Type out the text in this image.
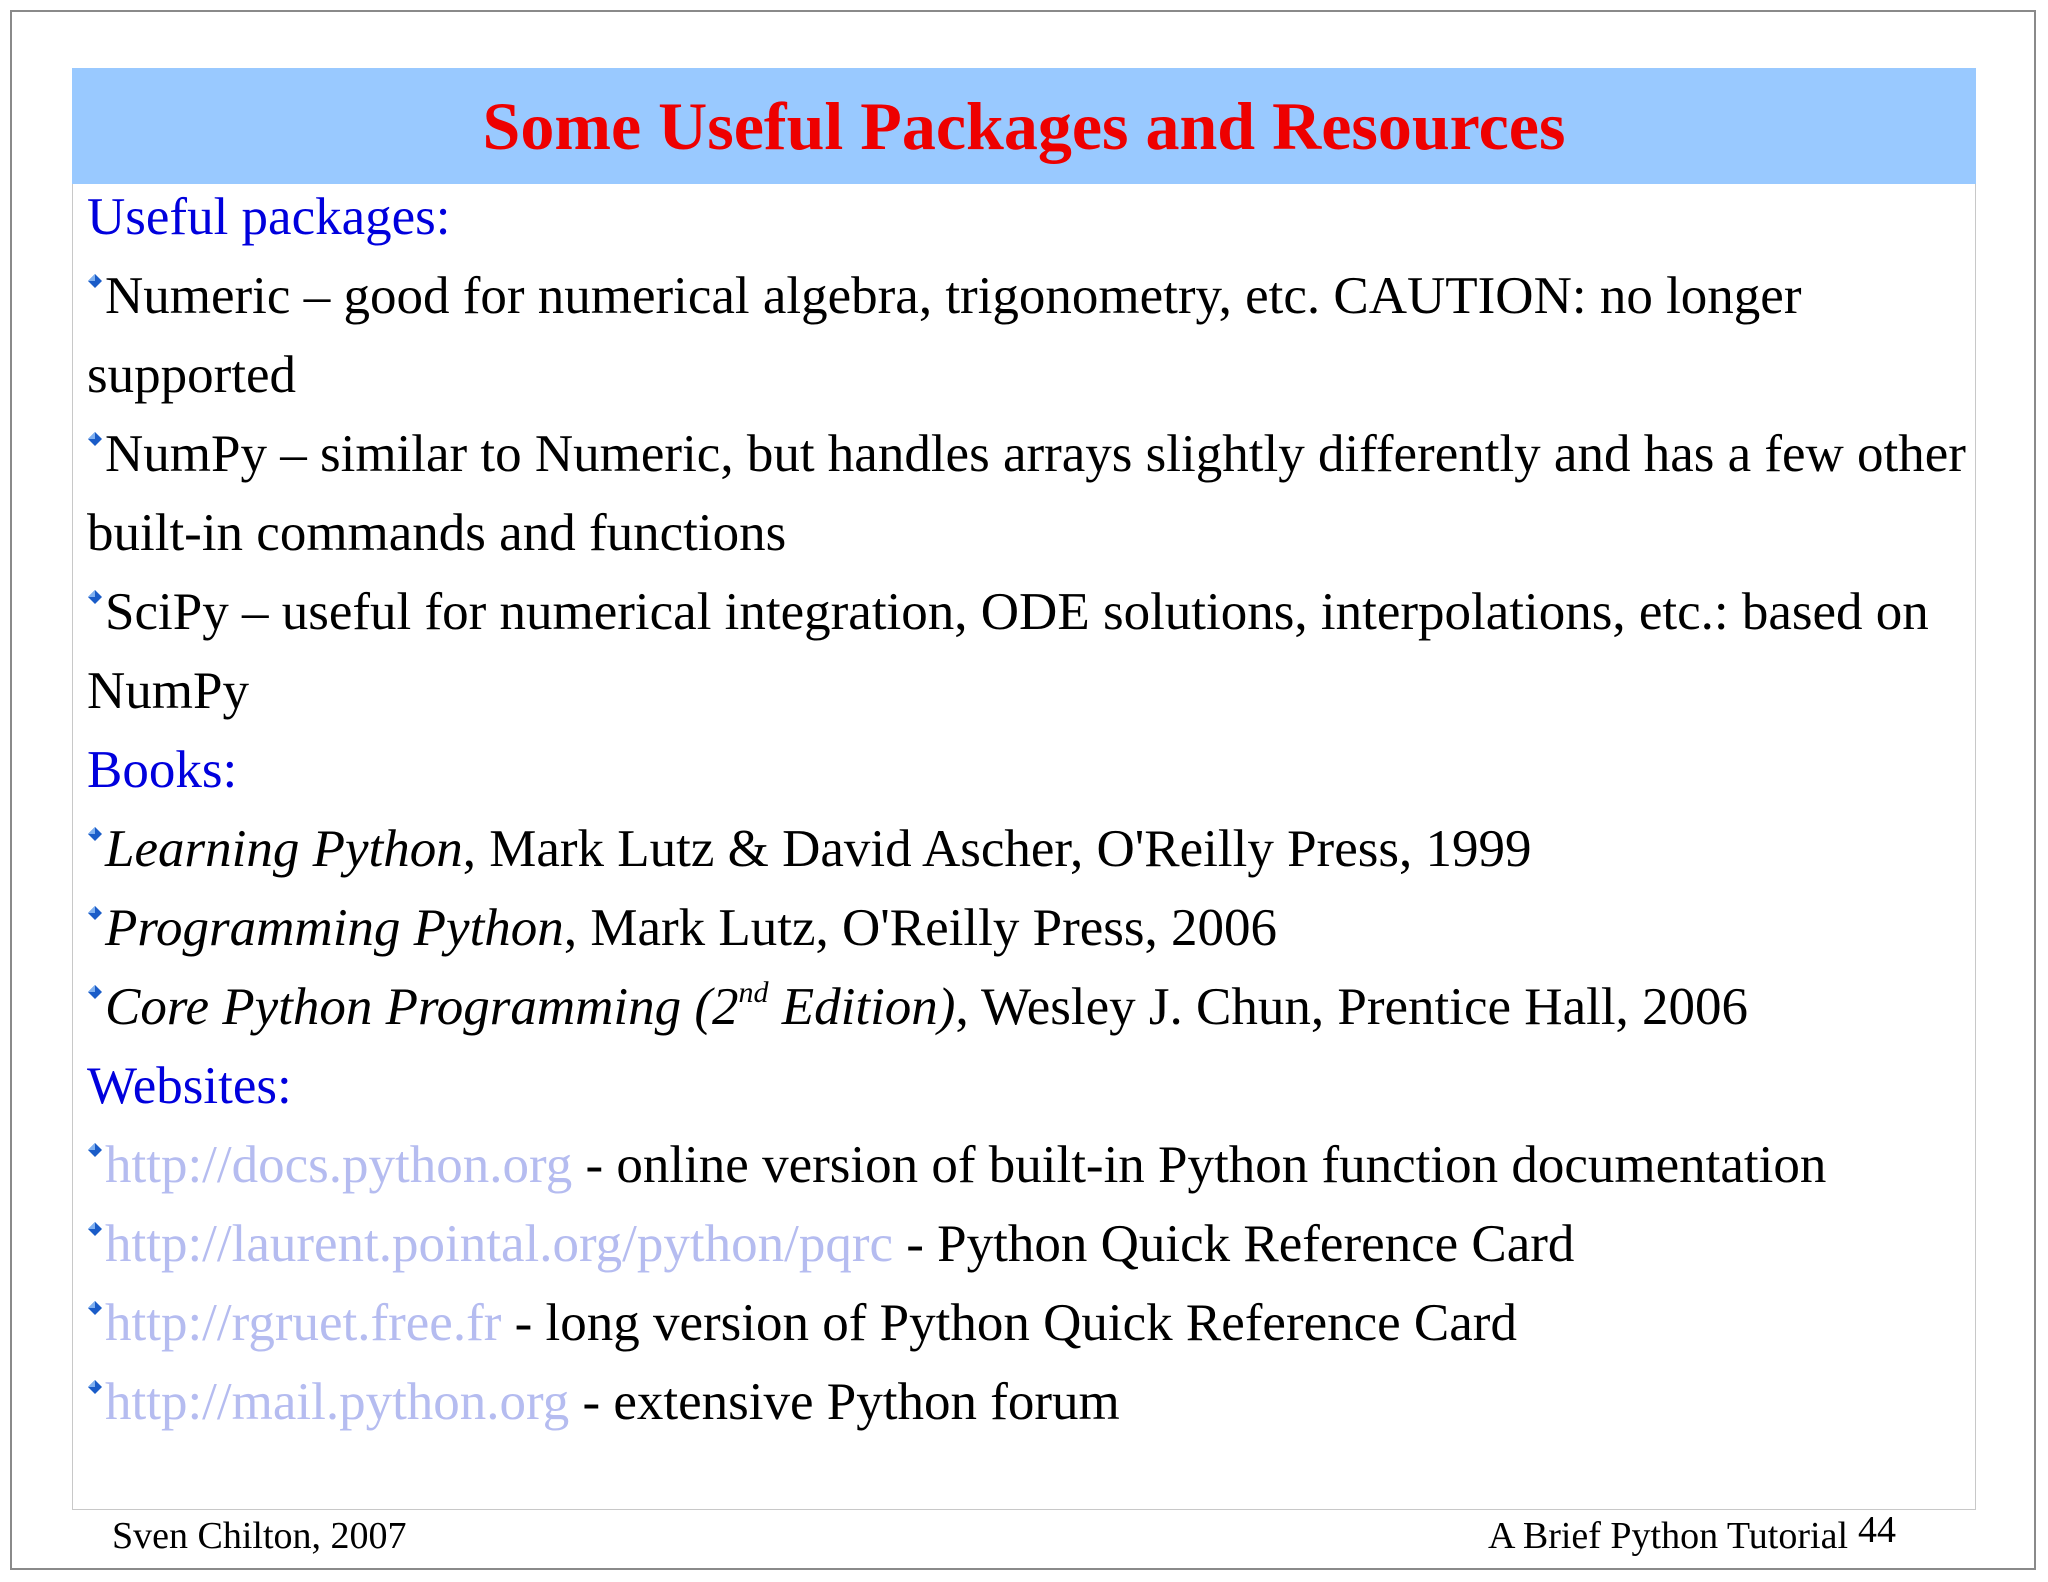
Some Useful Packages and Resources
Useful packages:
Numeric – good for numerical algebra, trigonometry, etc. CAUTION: no longer supported
NumPy – similar to Numeric, but handles arrays slightly differently and has a few other built-in commands and functions
SciPy – useful for numerical integration, ODE solutions, interpolations, etc.: based on NumPy
Books:
Learning Python, Mark Lutz & David Ascher, O'Reilly Press, 1999
Programming Python, Mark Lutz, O'Reilly Press, 2006
Core Python Programming (2nd Edition), Wesley J. Chun, Prentice Hall, 2006
Websites:
http://docs.python.org - online version of built-in Python function documentation
http://laurent.pointal.org/python/pqrc - Python Quick Reference Card
http://rgruet.free.fr - long version of Python Quick Reference Card
http://mail.python.org - extensive Python forum
Sven Chilton, 2007	A Brief Python Tutorial 44
